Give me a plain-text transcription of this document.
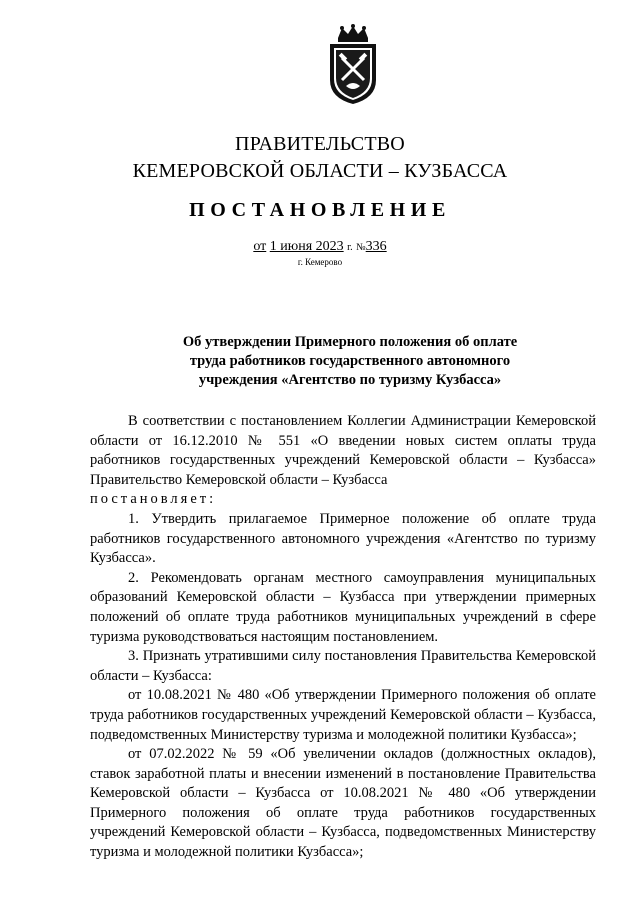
ПРАВИТЕЛЬСТВО
КЕМЕРОВСКОЙ ОБЛАСТИ – КУЗБАССА
ПОСТАНОВЛЕНИЕ
от 1 июня 2023 г. №336
г. Кемерово
Об утверждении Примерного положения об оплате
труда работников государственного автономного
учреждения «Агентство по туризму Кузбасса»

В соответствии с постановлением Коллегии Администрации Кемеровской области от 16.12.2010 № 551 «О введении новых систем оплаты труда работников государственных учреждений Кемеровской области – Кузбасса» Правительство Кемеровской области – Кузбасса

постановляет:

1. Утвердить прилагаемое Примерное положение об оплате труда работников государственного автономного учреждения «Агентство по туризму Кузбасса».

2. Рекомендовать органам местного самоуправления муниципальных образований Кемеровской области – Кузбасса при утверждении примерных положений об оплате труда работников муниципальных учреждений в сфере туризма руководствоваться настоящим постановлением.

3. Признать утратившими силу постановления Правительства Кемеровской области – Кузбасса:

от 10.08.2021 № 480 «Об утверждении Примерного положения об оплате труда работников государственных учреждений Кемеровской области – Кузбасса, подведомственных Министерству туризма и молодежной политики Кузбасса»;

от 07.02.2022 № 59 «Об увеличении окладов (должностных окладов), ставок заработной платы и внесении изменений в постановление Правительства Кемеровской области – Кузбасса от 10.08.2021 № 480 «Об утверждении Примерного положения об оплате труда работников государственных учреждений Кемеровской области – Кузбасса, подведомственных Министерству туризма и молодежной политики Кузбасса»;
